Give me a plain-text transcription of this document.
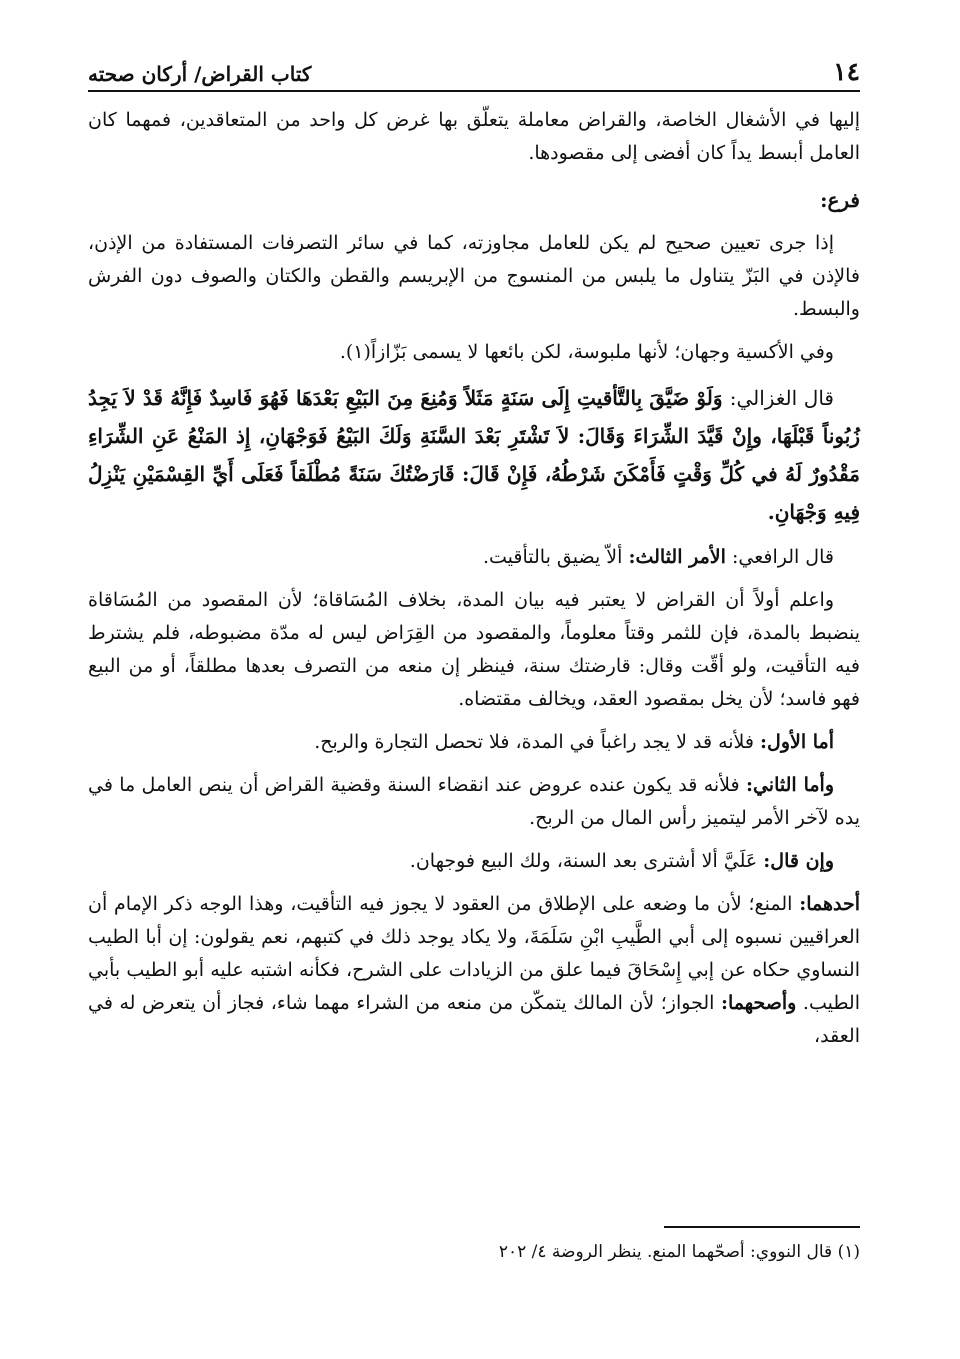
١٤
كتاب القراض/ أركان صحته

إليها في الأشغال الخاصة، والقراض معاملة يتعلّق بها غرض كل واحد من المتعاقدين، فمهما كان العامل أبسط يداً كان أفضى إلى مقصودها.

فرع:

إذا جرى تعيين صحيح لم يكن للعامل مجاوزته، كما في سائر التصرفات المستفادة من الإذن، فالإذن في البَزّ يتناول ما يلبس من المنسوج من الإبريسم والقطن والكتان والصوف دون الفرش والبسط.

وفي الأكسية وجهان؛ لأنها ملبوسة، لكن بائعها لا يسمى بَزّازاً(١).

قال الغزالي: وَلَوْ ضَيَّقَ بِالتَّأقيتِ إِلَى سَنَةٍ مَثَلاً وَمُنِعَ مِنَ البَيْعِ بَعْدَهَا فَهُوَ فَاسِدٌ فَإِنَّهُ قَدْ لاَ يَجِدُ زُبُوناً قَبْلَهَا، وإِنْ قَيَّدَ الشِّرَاءَ وَقَالَ: لاَ تَشْتَرِ بَعْدَ السَّنَةِ وَلَكَ البَيْعُ فَوَجْهَانِ، إِذ المَنْعُ عَنِ الشِّرَاءِ مَقْدُورٌ لَهُ في كُلِّ وَقْتٍ فَأَمْكَنَ شَرْطُهُ، فَإِنْ قَالَ: قَارَضْتُكَ سَنَةً مُطْلَقاً فَعَلَى أَيِّ القِسْمَيْنِ يَنْزِلُ فِيهِ وَجْهَانِ.

قال الرافعي: الأمر الثالث: ألاّ يضيق بالتأقيت.

واعلم أولاً أن القراض لا يعتبر فيه بيان المدة، بخلاف المُسَاقاة؛ لأن المقصود من المُسَاقاة ينضبط بالمدة، فإن للثمر وقتاً معلوماً، والمقصود من القِرَاض ليس له مدّة مضبوطه، فلم يشترط فيه التأقيت، ولو أقّت وقال: قارضتك سنة، فينظر إن منعه من التصرف بعدها مطلقاً، أو من البيع فهو فاسد؛ لأن يخل بمقصود العقد، ويخالف مقتضاه.

أما الأول: فلأنه قد لا يجد راغباً في المدة، فلا تحصل التجارة والربح.

وأما الثاني: فلأنه قد يكون عنده عروض عند انقضاء السنة وقضية القراض أن ينص العامل ما في يده لآخر الأمر ليتميز رأس المال من الربح.

وإن قال: عَلَيَّ ألا أشترى بعد السنة، ولك البيع فوجهان.

أحدهما: المنع؛ لأن ما وضعه على الإطلاق من العقود لا يجوز فيه التأقيت، وهذا الوجه ذكر الإمام أن العراقيين نسبوه إلى أبي الطَّيبِ ابْنِ سَلَمَةَ، ولا يكاد يوجد ذلك في كتبهم، نعم يقولون: إن أبا الطيب النساوي حكاه عن إبي إِسْحَاقَ فيما علق من الزيادات على الشرح، فكأنه اشتبه عليه أبو الطيب بأبي الطيب. وأصحهما: الجواز؛ لأن المالك يتمكّن من منعه من الشراء مهما شاء، فجاز أن يتعرض له في العقد،

(١) قال النووي: أصحّهما المنع. ينظر الروضة ٤/ ٢٠٢
